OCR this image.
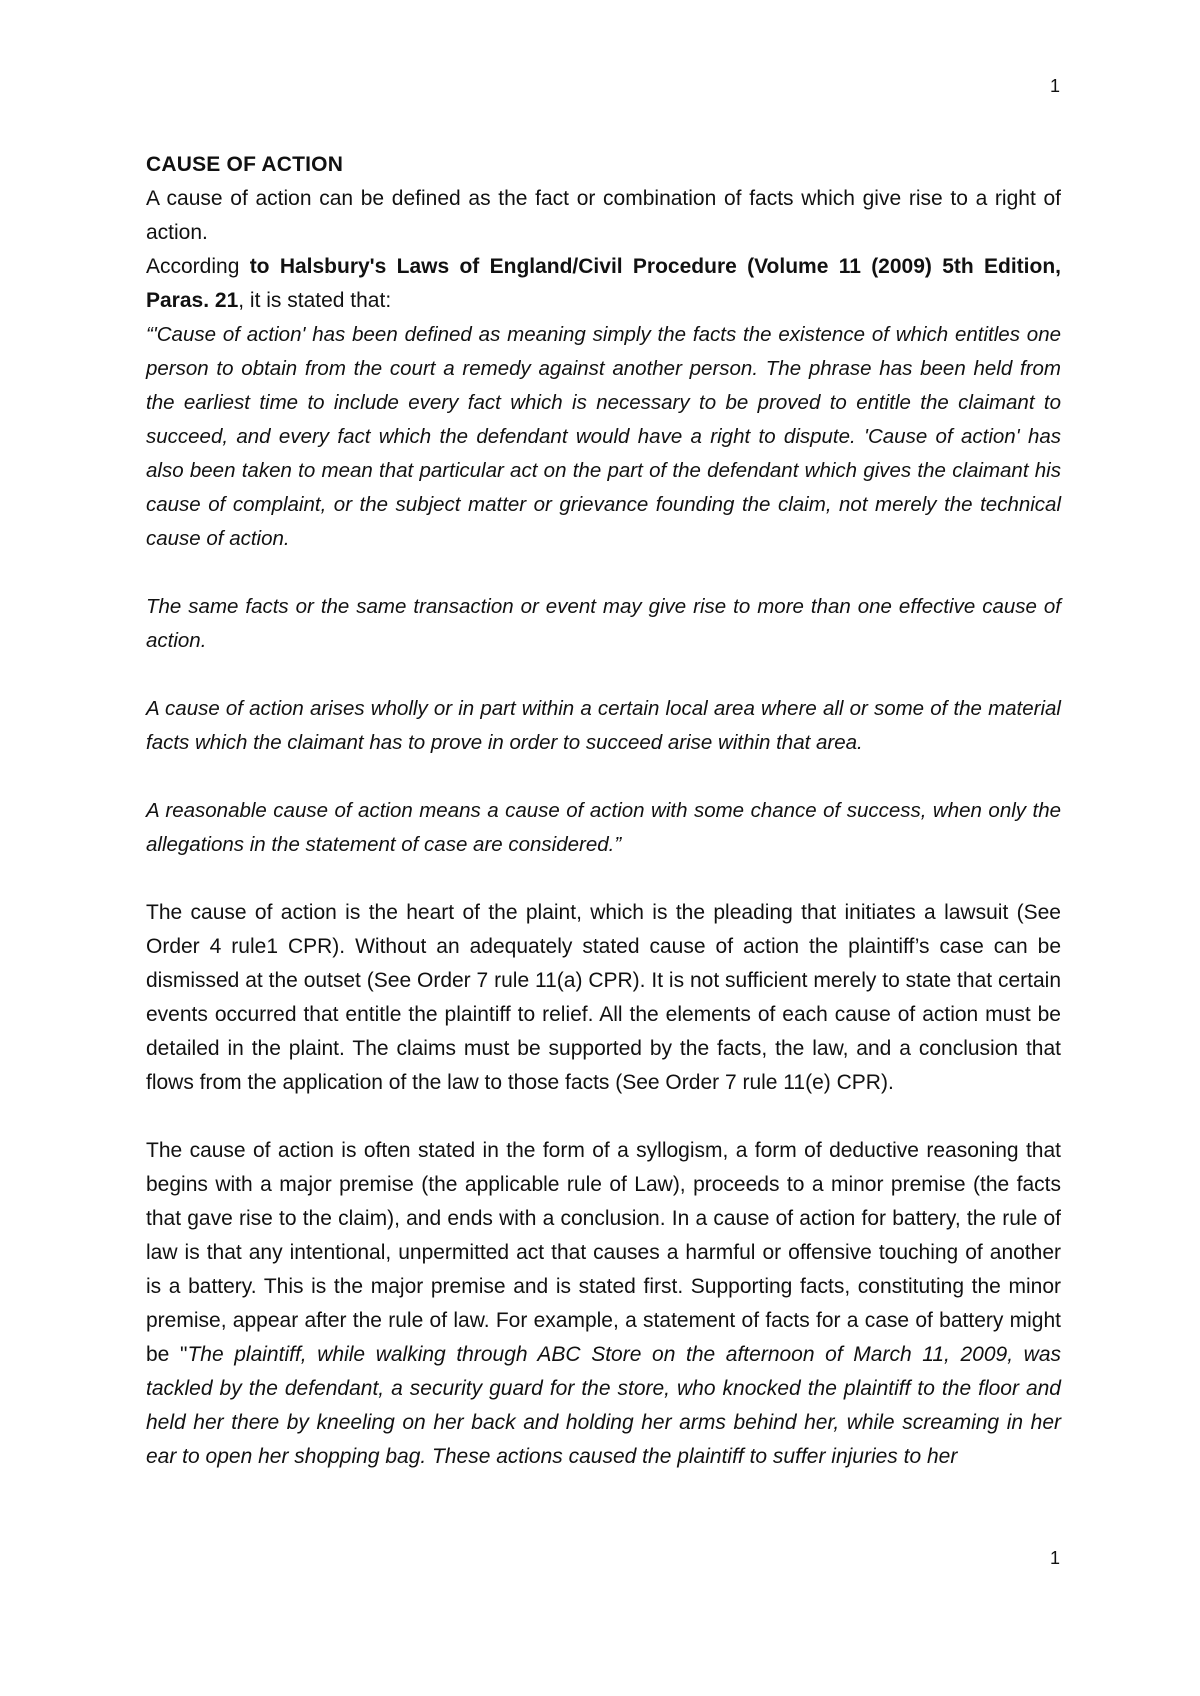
1

CAUSE OF ACTION

A cause of action can be defined as the fact or combination of facts which give rise to a right of action.

According to Halsbury's Laws of England/Civil Procedure (Volume 11 (2009) 5th Edition, Paras. 21, it is stated that:

“'Cause of action' has been defined as meaning simply the facts the existence of which entitles one person to obtain from the court a remedy against another person. The phrase has been held from the earliest time to include every fact which is necessary to be proved to entitle the claimant to succeed, and every fact which the defendant would have a right to dispute. 'Cause of action' has also been taken to mean that particular act on the part of the defendant which gives the claimant his cause of complaint, or the subject matter or grievance founding the claim, not merely the technical cause of action.

The same facts or the same transaction or event may give rise to more than one effective cause of action.

A cause of action arises wholly or in part within a certain local area where all or some of the material facts which the claimant has to prove in order to succeed arise within that area.

A reasonable cause of action means a cause of action with some chance of success, when only the allegations in the statement of case are considered.”

The cause of action is the heart of the plaint, which is the pleading that initiates a lawsuit (See Order 4 rule1 CPR). Without an adequately stated cause of action the plaintiff’s case can be dismissed at the outset (See Order 7 rule 11(a) CPR). It is not sufficient merely to state that certain events occurred that entitle the plaintiff to relief. All the elements of each cause of action must be detailed in the plaint. The claims must be supported by the facts, the law, and a conclusion that flows from the application of the law to those facts (See Order 7 rule 11(e) CPR).

The cause of action is often stated in the form of a syllogism, a form of deductive reasoning that begins with a major premise (the applicable rule of Law), proceeds to a minor premise (the facts that gave rise to the claim), and ends with a conclusion. In a cause of action for battery, the rule of law is that any intentional, unpermitted act that causes a harmful or offensive touching of another is a battery. This is the major premise and is stated first. Supporting facts, constituting the minor premise, appear after the rule of law. For example, a statement of facts for a case of battery might be "The plaintiff, while walking through ABC Store on the afternoon of March 11, 2009, was tackled by the defendant, a security guard for the store, who knocked the plaintiff to the floor and held her there by kneeling on her back and holding her arms behind her, while screaming in her ear to open her shopping bag. These actions caused the plaintiff to suffer injuries to her

1
